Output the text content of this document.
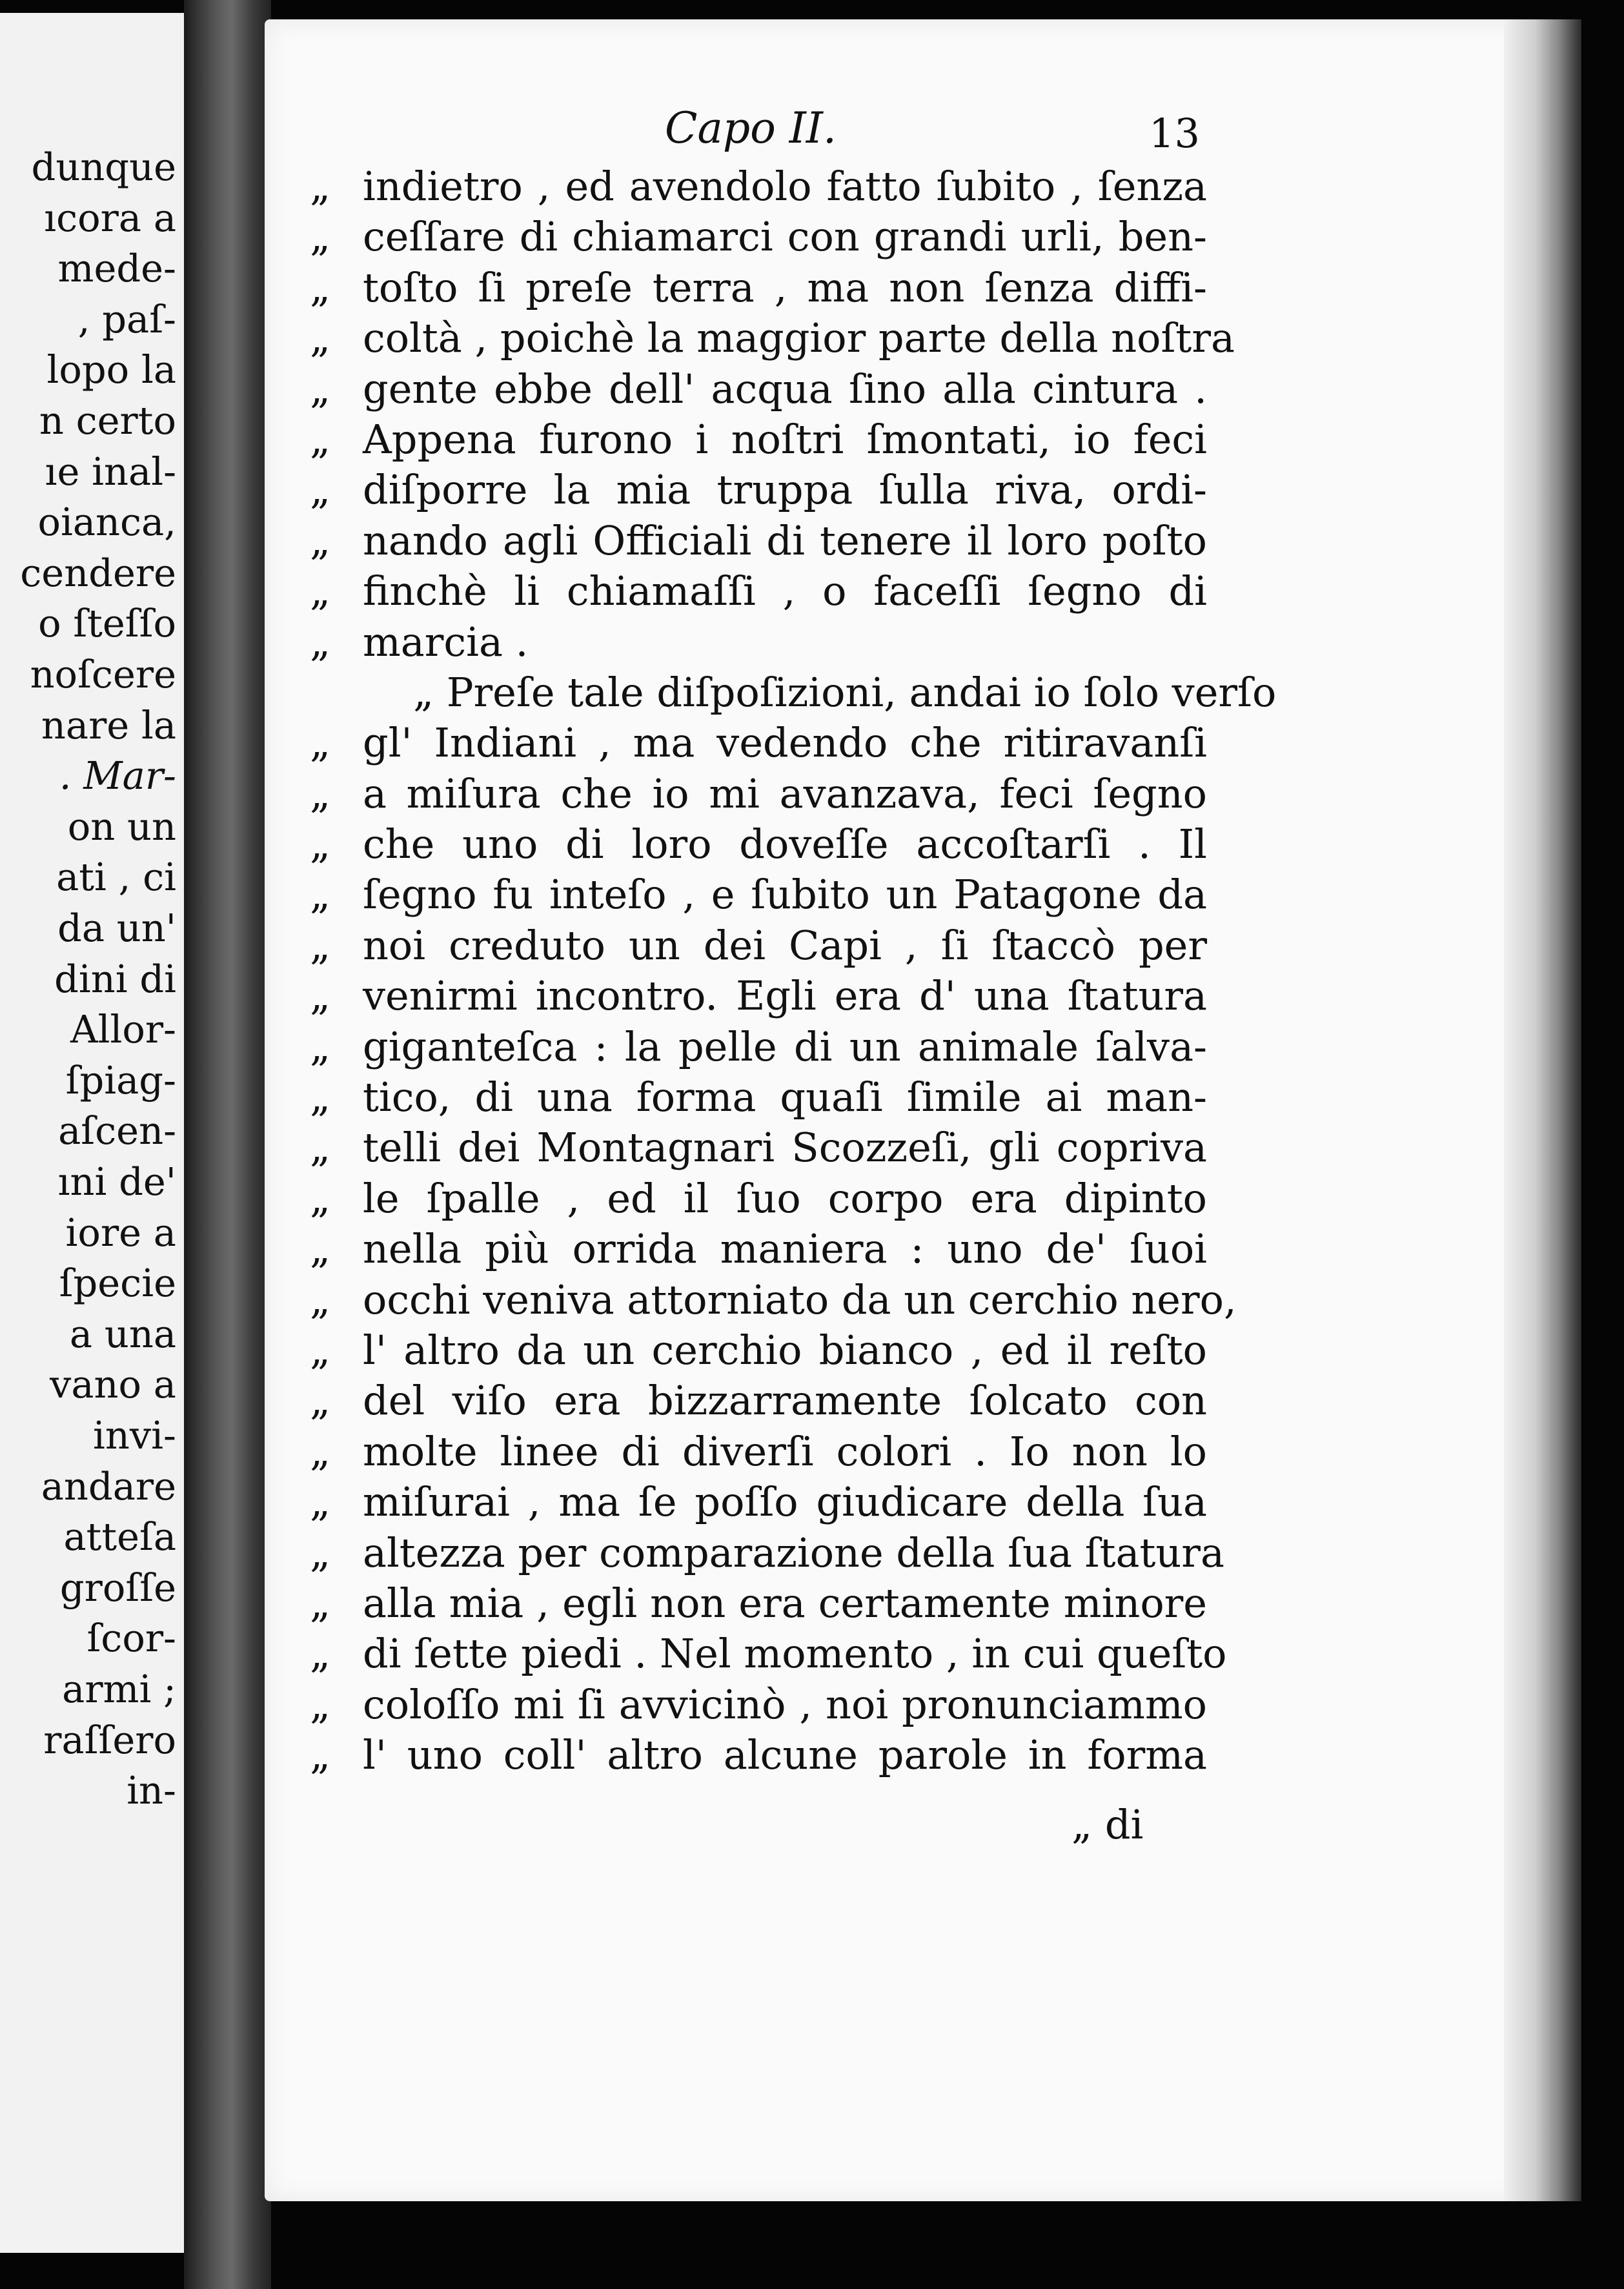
dunque
ıcora a
mede-
, paſ-
lopo la
n certo
ıe inal-
oianca,
cendere
o ſteſſo
noſcere
nare la
. Mar-
on un
ati , ci
da un'
dini di
Allor-
ſpiag-
aſcen-
ıni de'
iore a
ſpecie
a una
vano a
invi-
andare
atteſa
groſſe
ſcor-
armi ;
raſſero
in-
Capo II.	13
„ indietro , ed avendolo fatto ſubito , ſenza
„ ceſſare di chiamarci con grandi urli, ben-
„ toſto ſi preſe terra , ma non ſenza diffi-
„ coltà , poichè la maggior parte della noſtra
„ gente ebbe dell' acqua ſino alla cintura .
„ Appena furono i noſtri ſmontati, io feci
„ diſporre la mia truppa ſulla riva, ordi-
„ nando agli Officiali di tenere il loro poſto
„ finchè li chiamaſſi , o faceſſi ſegno di
„ marcia .
„ Preſe tale diſpoſizioni, andai io ſolo verſo
„ gl' Indiani , ma vedendo che ritiravanſi
„ a miſura che io mi avanzava, feci ſegno
„ che uno di loro doveſſe accoſtarſi . Il
„ ſegno fu inteſo , e ſubito un Patagone da
„ noi creduto un dei Capi , ſi ſtaccò per
„ venirmi incontro. Egli era d' una ſtatura
„ giganteſca : la pelle di un animale ſalva-
„ tico, di una forma quaſi ſimile ai man-
„ telli dei Montagnari Scozzeſi, gli copriva
„ le ſpalle , ed il ſuo corpo era dipinto
„ nella più orrida maniera : uno de' ſuoi
„ occhi veniva attorniato da un cerchio nero,
„ l' altro da un cerchio bianco , ed il reſto
„ del viſo era bizzarramente ſolcato con
„ molte linee di diverſi colori . Io non lo
„ miſurai , ma ſe poſſo giudicare della ſua
„ altezza per comparazione della ſua ſtatura
„ alla mia , egli non era certamente minore
„ di ſette piedi . Nel momento , in cui queſto
„ coloſſo mi ſi avvicinò , noi pronunciammo
„ l' uno coll' altro alcune parole in forma
„ di
